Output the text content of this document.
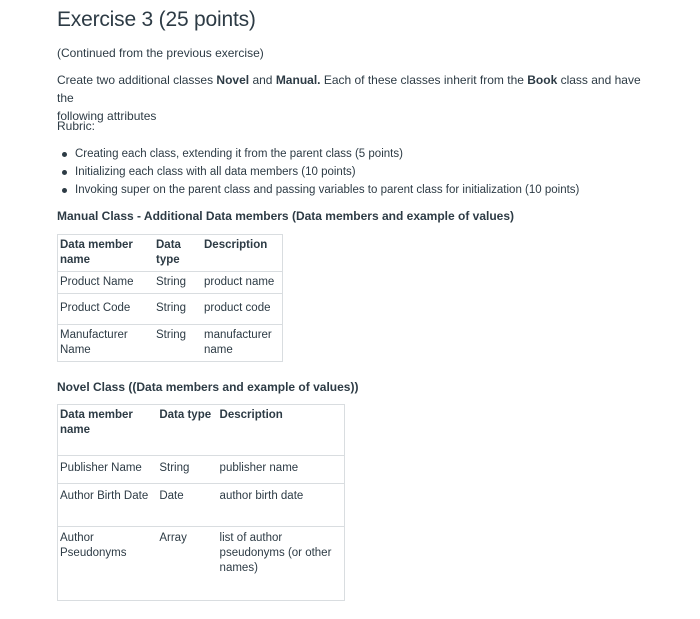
Exercise 3 (25 points)

(Continued from the previous exercise)

Create two additional classes Novel and Manual. Each of these classes inherit from the Book class and have the
following attributes

Rubric:

Creating each class, extending it from the parent class (5 points)
Initializing each class with all data members (10 points)
Invoking super on the parent class and passing variables to parent class for initialization (10 points)

Manual Class - Additional Data members (Data members and example of values)

Data member name	Data type	Description
Product Name	String	product name
Product Code	String	product code
Manufacturer Name	String	manufacturer name

Novel Class ((Data members and example of values))

Data member name	Data type	Description
Publisher Name	String	publisher name
Author Birth Date	Date	author birth date

Author Pseudonyms	Array	list of author pseudonyms (or other names)
